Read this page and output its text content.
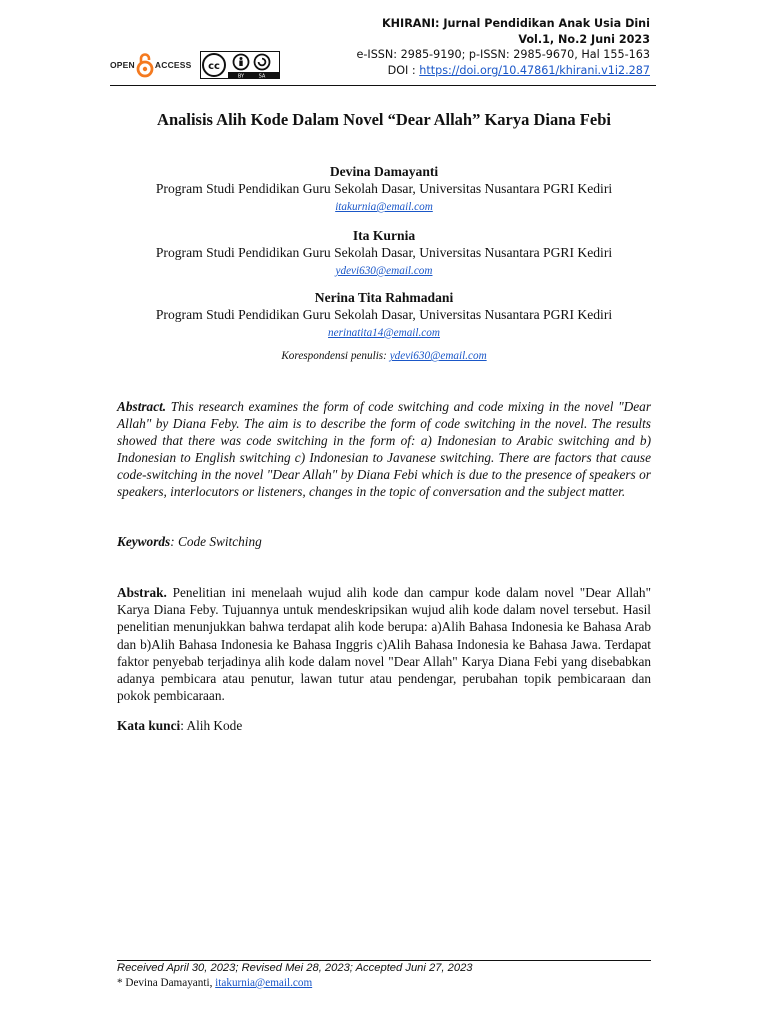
OPEN ACCESS cc
BY	SA
KHIRANI: Jurnal Pendidikan Anak Usia Dini
Vol.1, No.2 Juni 2023
e-ISSN: 2985-9190; p-ISSN: 2985-9670, Hal 155-163
DOI : https://doi.org/10.47861/khirani.v1i2.287
Analisis Alih Kode Dalam Novel “Dear Allah” Karya Diana Febi
Devina Damayanti
Program Studi Pendidikan Guru Sekolah Dasar, Universitas Nusantara PGRI Kediri
itakurnia@email.com
Ita Kurnia
Program Studi Pendidikan Guru Sekolah Dasar, Universitas Nusantara PGRI Kediri
ydevi630@email.com
Nerina Tita Rahmadani
Program Studi Pendidikan Guru Sekolah Dasar, Universitas Nusantara PGRI Kediri
nerinatita14@email.com
Korespondensi penulis: ydevi630@email.com
Abstract. This research examines the form of code switching and code mixing in the novel "Dear Allah" by Diana Feby. The aim is to describe the form of code switching in the novel. The results showed that there was code switching in the form of: a) Indonesian to Arabic switching and b) Indonesian to English switching c) Indonesian to Javanese switching. There are factors that cause code-switching in the novel "Dear Allah" by Diana Febi which is due to the presence of speakers or speakers, interlocutors or listeners, changes in the topic of conversation and the subject matter.
Keywords: Code Switching
Abstrak. Penelitian ini menelaah wujud alih kode dan campur kode dalam novel "Dear Allah" Karya Diana Feby. Tujuannya untuk mendeskripsikan wujud alih kode dalam novel tersebut. Hasil penelitian menunjukkan bahwa terdapat alih kode berupa: a)Alih Bahasa Indonesia ke Bahasa Arab dan b)Alih Bahasa Indonesia ke Bahasa Inggris c)Alih Bahasa Indonesia ke Bahasa Jawa. Terdapat faktor penyebab terjadinya alih kode dalam novel "Dear Allah" Karya Diana Febi yang disebabkan adanya pembicara atau penutur, lawan tutur atau pendengar, perubahan topik pembicaraan dan pokok pembicaraan.
Kata kunci: Alih Kode
Received April 30, 2023; Revised Mei 28, 2023; Accepted Juni 27, 2023
* Devina Damayanti, itakurnia@email.com
